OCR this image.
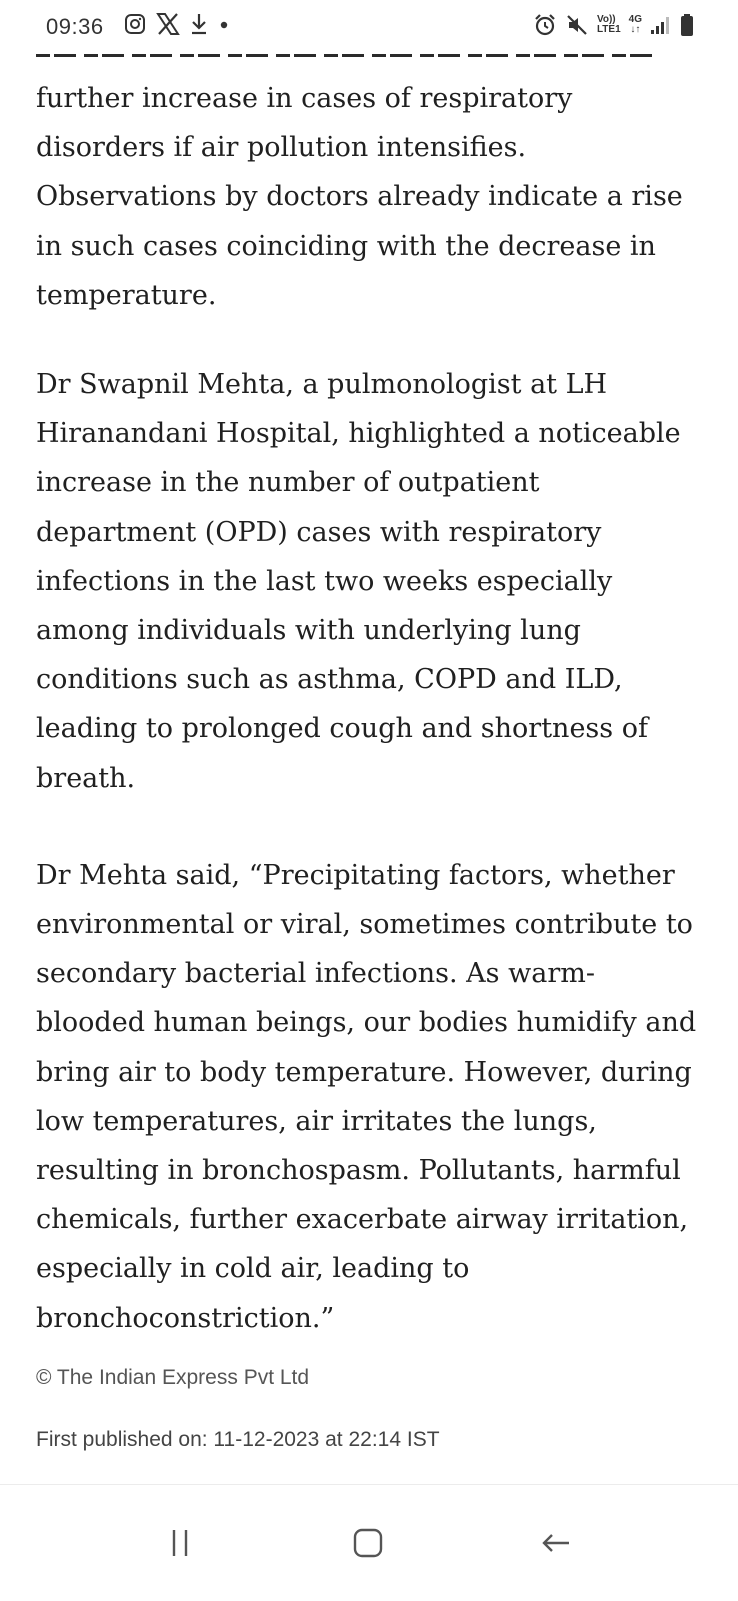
09:36	Vo))
LTE1
4G
↓↑

further increase in cases of respiratory disorders if air pollution intensifies. Observations by doctors already indicate a rise in such cases coinciding with the decrease in temperature.

Dr Swapnil Mehta, a pulmonologist at LH Hiranandani Hospital, highlighted a noticeable increase in the number of outpatient department (OPD) cases with respiratory infections in the last two weeks especially among individuals with underlying lung conditions such as asthma, COPD and ILD, leading to prolonged cough and shortness of breath.

Dr Mehta said, “Precipitating factors, whether environmental or viral, sometimes contribute to secondary bacterial infections. As warm-blooded human beings, our bodies humidify and bring air to body temperature. However, during low temperatures, air irritates the lungs, resulting in bronchospasm. Pollutants, harmful chemicals, further exacerbate airway irritation, especially in cold air, leading to bronchoconstriction.”

© The Indian Express Pvt Ltd
First published on: 11-12-2023 at 22:14 IST
